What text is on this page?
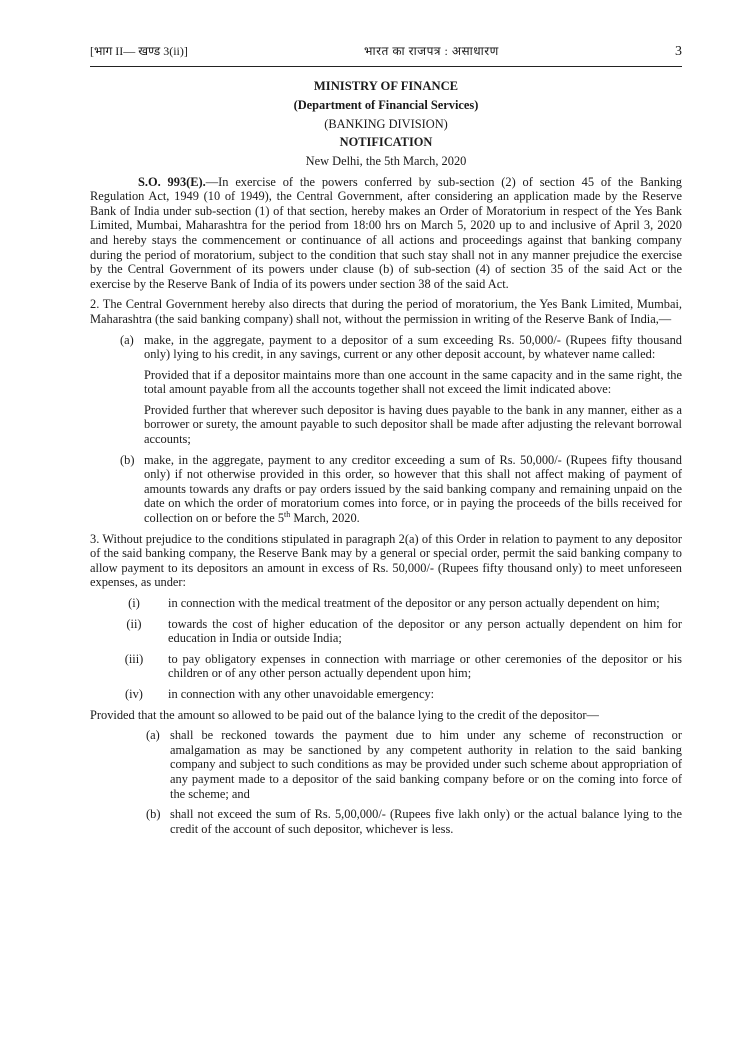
[भाग II— खण्ड 3(ii)]	भारत का राजपत्र : असाधारण	3
MINISTRY OF FINANCE
(Department of Financial Services)
(BANKING DIVISION)
NOTIFICATION
New Delhi, the 5th March, 2020

S.O. 993(E).—In exercise of the powers conferred by sub-section (2) of section 45 of the Banking Regulation Act, 1949 (10 of 1949), the Central Government, after considering an application made by the Reserve Bank of India under sub-section (1) of that section, hereby makes an Order of Moratorium in respect of the Yes Bank Limited, Mumbai, Maharashtra for the period from 18:00 hrs on March 5, 2020 up to and inclusive of April 3, 2020 and hereby stays the commencement or continuance of all actions and proceedings against that banking company during the period of moratorium, subject to the condition that such stay shall not in any manner prejudice the exercise by the Central Government of its powers under clause (b) of sub-section (4) of section 35 of the said Act or the exercise by the Reserve Bank of India of its powers under section 38 of the said Act.

2. The Central Government hereby also directs that during the period of moratorium, the Yes Bank Limited, Mumbai, Maharashtra (the said banking company) shall not, without the permission in writing of the Reserve Bank of India,—

(a) make, in the aggregate, payment to a depositor of a sum exceeding Rs. 50,000/- (Rupees fifty thousand only) lying to his credit, in any savings, current or any other deposit account, by whatever name called:

Provided that if a depositor maintains more than one account in the same capacity and in the same right, the total amount payable from all the accounts together shall not exceed the limit indicated above:

Provided further that wherever such depositor is having dues payable to the bank in any manner, either as a borrower or surety, the amount payable to such depositor shall be made after adjusting the relevant borrowal accounts;

(b) make, in the aggregate, payment to any creditor exceeding a sum of Rs. 50,000/- (Rupees fifty thousand only) if not otherwise provided in this order, so however that this shall not affect making of payment of amounts towards any drafts or pay orders issued by the said banking company and remaining unpaid on the date on which the order of moratorium comes into force, or in paying the proceeds of the bills received for collection on or before the 5th March, 2020.

3. Without prejudice to the conditions stipulated in paragraph 2(a) of this Order in relation to payment to any depositor of the said banking company, the Reserve Bank may by a general or special order, permit the said banking company to allow payment to its depositors an amount in excess of Rs. 50,000/- (Rupees fifty thousand only) to meet unforeseen expenses, as under:

(i)	in connection with the medical treatment of the depositor or any person actually dependent on him;
(ii)	towards the cost of higher education of the depositor or any person actually dependent on him for education in India or outside India;
(iii)	to pay obligatory expenses in connection with marriage or other ceremonies of the depositor or his children or of any other person actually dependent upon him;
(iv)	in connection with any other unavoidable emergency:

Provided that the amount so allowed to be paid out of the balance lying to the credit of the depositor—

(a) shall be reckoned towards the payment due to him under any scheme of reconstruction or amalgamation as may be sanctioned by any competent authority in relation to the said banking company and subject to such conditions as may be provided under such scheme about appropriation of any payment made to a depositor of the said banking company before or on the coming into force of the scheme; and
(b) shall not exceed the sum of Rs. 5,00,000/- (Rupees five lakh only) or the actual balance lying to the credit of the account of such depositor, whichever is less.
